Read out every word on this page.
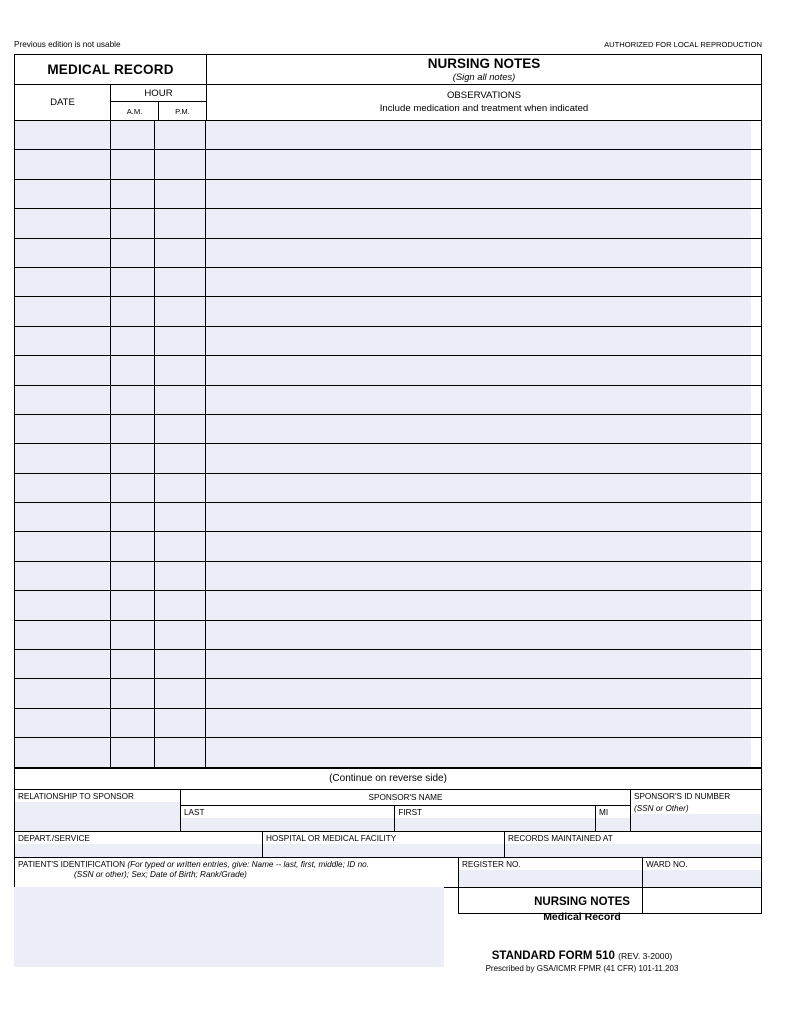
Previous edition is not usable	AUTHORIZED FOR LOCAL REPRODUCTION
MEDICAL RECORD	NURSING NOTES
(Sign all notes)
DATE
HOUR
A.M.	P.M.
OBSERVATIONS
Include medication and treatment when indicated
(Continue on reverse side)
RELATIONSHIP TO SPONSOR	SPONSOR'S NAME
LAST	FIRST	MI
SPONSOR'S ID NUMBER
(SSN or Other)
DEPART./SERVICE	HOSPITAL OR MEDICAL FACILITY	RECORDS MAINTAINED AT
PATIENT'S IDENTIFICATION (For typed or written entries, give: Name -- last, first, middle; ID no.
(SSN or other); Sex; Date of Birth; Rank/Grade)
REGISTER NO.	WARD NO.
NURSING NOTES
Medical Record
STANDARD FORM 510 (REV. 3-2000)
Prescribed by GSA/ICMR FPMR (41 CFR) 101-11.203
